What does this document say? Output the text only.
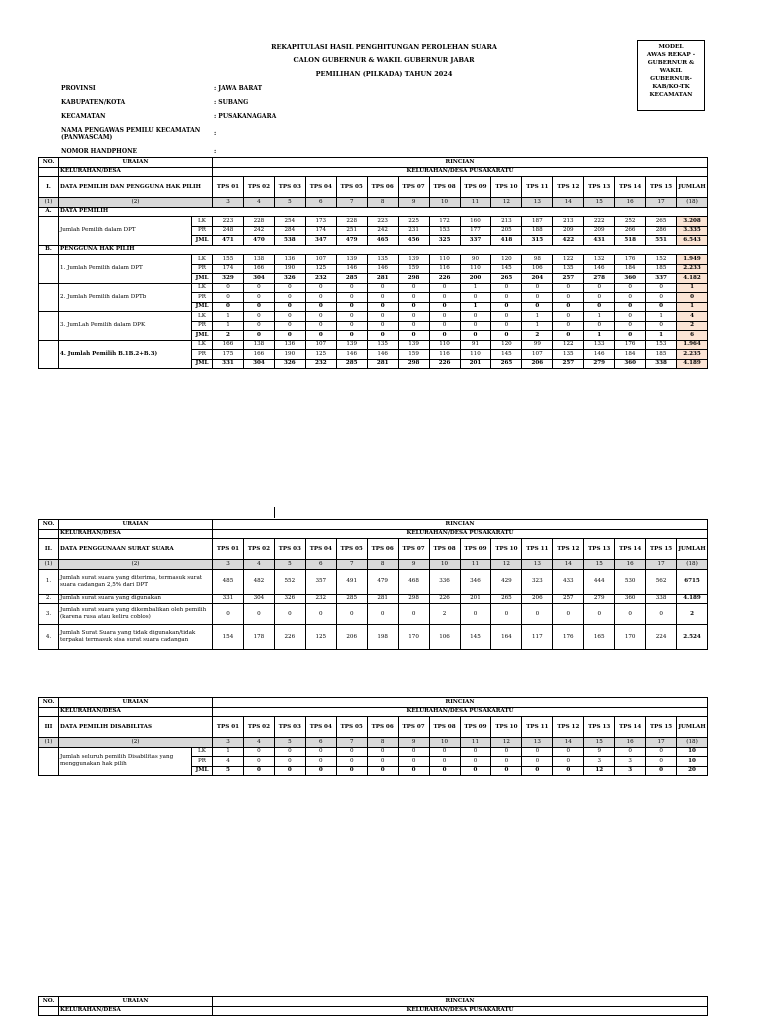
REKAPITULASI HASIL PENGHITUNGAN PEROLEHAN SUARA
CALON GUBERNUR & WAKIL GUBERNUR JABAR
PEMILIHAN (PILKADA) TAHUN 2024
MODEL
AWAS REKAP -
GUBERNUR &
WAKIL
GUBERNUR-
KAB/KO-TK
KECAMATAN
PROVINSI	: JAWA BARAT
KABUPATEN/KOTA	: SUBANG
KECAMATAN	: PUSAKANAGARA
NAMA PENGAWAS PEMILU KECAMATAN (PANWASCAM)
:
NOMOR HANDPHONE	:
NO.	URAIAN		RINCIAN															
	KELURAHAN/DESA		KELURAHAN/DESA PUSAKARATU															
I.	DATA PEMILIH DAN PENGGUNA HAK PILIH		TPS 01	TPS 02	TPS 03	TPS 04	TPS 05	TPS 06	TPS 07	TPS 08	TPS 09	TPS 10	TPS 11	TPS 12	TPS 13	TPS 14	TPS 15	JUMLAH
(1)	(2)		3	4	5	6	7	8	9	10	11	12	13	14	15	16	17	(18)
A.	DATA PEMILIH																	
	Jumlah Pemilih dalam DPT	LK	223	228	254	173	228	223	225	172	160	213	187	213	222	252	265	3.208
		PR	248	242	284	174	251	242	231	153	177	205	188	209	209	266	286	3.335
		JML	471	470	538	347	479	465	456	325	337	418	315	422	431	518	551	6.543
B.	PENGGUNA HAK PILIH																	
	1. Jumlah Pemilih dalam DPT	LK	155	138	136	107	139	135	139	110	90	120	98	122	132	176	152	1.949
		PR	174	166	190	125	146	146	159	116	110	145	106	135	146	184	185	2.233
		JML	329	304	326	232	285	281	298	226	200	265	204	257	278	360	337	4.182
	2. Jumlah Pemilih dalam DPTb	LK	0	0	0	0	0	0	0	0	1	0	0	0	0	0	0	1
		PR	0	0	0	0	0	0	0	0	0	0	0	0	0	0	0	0
		JML	0	0	0	0	0	0	0	0	1	0	0	0	0	0	0	1
	3. JumLah Pemilih dalam DPK	LK	1	0	0	0	0	0	0	0	0	0	1	0	1	0	1	4
		PR	1	0	0	0	0	0	0	0	0	0	1	0	0	0	0	2
		JML	2	0	0	0	0	0	0	0	0	0	2	0	1	0	1	6
	4. Jumlah Pemilih B.1B.2+B.3)	LK	166	138	136	107	139	135	139	110	91	120	99	122	133	176	153	1.964
		PR	175	166	190	125	146	146	159	116	110	145	107	135	146	184	185	2.235
		JML	331	304	326	232	285	281	298	226	201	265	206	257	279	360	338	4.189
NO.	URAIAN	RINCIAN															
	KELURAHAN/DESA	KELURAHAN/DESA PUSAKARATU															
II.	DATA PENGGUNAAN SURAT SUARA	TPS 01	TPS 02	TPS 03	TPS 04	TPS 05	TPS 06	TPS 07	TPS 08	TPS 09	TPS 10	TPS 11	TPS 12	TPS 13	TPS 14	TPS 15	JUMLAH
(1)	(2)	3	4	5	6	7	8	9	10	11	12	13	14	15	16	17	(18)
1.	Jumlah surat suara yang diterima, termasuk surat suara cadangan 2,5% dari DPT	485	482	552	357	491	479	468	336	346	429	323	433	444	530	562	6715
2.	Jumlah surat suara yang digunakan	331	304	326	232	285	281	298	226	201	265	206	257	279	360	338	4.189
3.	Jumlah surat suara yang dikembalikan oleh pemilih (karena rusa atau keliru coblos)	0	0	0	0	0	0	0	2	0	0	0	0	0	0	0	2
4.	Jumlah Surat Suara yang tidak digunakan/tidak terpakai termasuk sisa surat suara cadangan	154	178	226	125	206	198	170	106	145	164	117	176	165	170	224	2.524
NO.	URAIAN		RINCIAN															
	KELURAHAN/DESA		KELURAHAN/DESA PUSAKARATU															
III	DATA PEMILIH DISABILITAS		TPS 01	TPS 02	TPS 03	TPS 04	TPS 05	TPS 06	TPS 07	TPS 08	TPS 09	TPS 10	TPS 11	TPS 12	TPS 13	TPS 14	TPS 15	JUMLAH
(1)	(2)		3	4	5	6	7	8	9	10	11	12	13	14	15	16	17	(18)
	Jumlah seluruh pemilih Disabilitas yang menggunakan hak pilih	LK	1	0	0	0	0	0	0	0	0	0	0	0	9	0	0	10
		PR	4	0	0	0	0	0	0	0	0	0	0	0	3	3	0	10
		JML	5	0	0	0	0	0	0	0	0	0	0	0	12	3	0	20
NO.	URAIAN	RINCIAN
	KELURAHAN/DESA	KELURAHAN/DESA PUSAKARATU
